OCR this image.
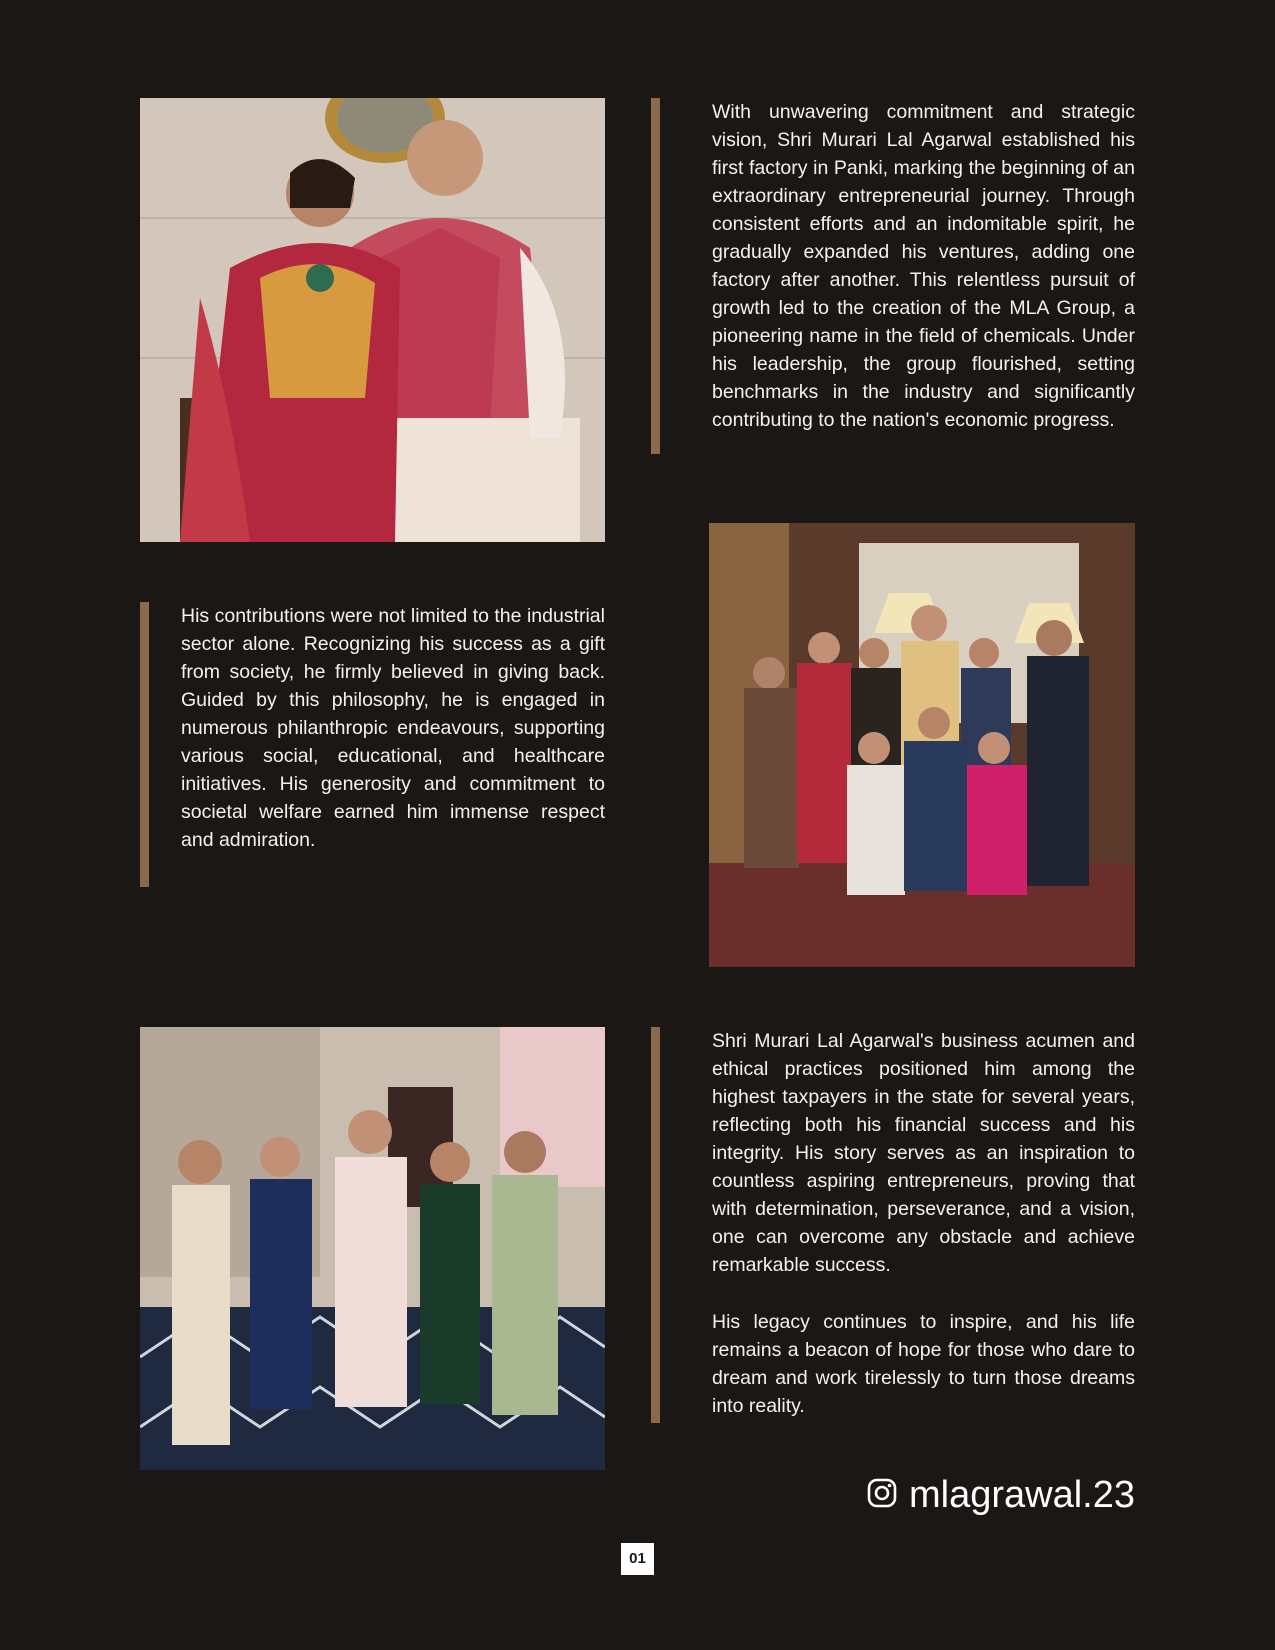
With unwavering commitment and strategic vision, Shri Murari Lal Agarwal established his first factory in Panki, marking the beginning of an extraordinary entrepreneurial journey. Through consistent efforts and an indomitable spirit, he gradually expanded his ventures, adding one factory after another. This relentless pursuit of growth led to the creation of the MLA Group, a pioneering name in the field of chemicals. Under his leadership, the group flourished, setting benchmarks in the industry and significantly contributing to the nation's economic progress.

His contributions were not limited to the industrial sector alone. Recognizing his success as a gift from society, he firmly believed in giving back. Guided by this philosophy, he is engaged in numerous philanthropic endeavours, supporting various social, educational, and healthcare initiatives. His generosity and commitment to societal welfare earned him immense respect and admiration.

Shri Murari Lal Agarwal's business acumen and ethical practices positioned him among the highest taxpayers in the state for several years, reflecting both his financial success and his integrity. His story serves as an inspiration to countless aspiring entrepreneurs, proving that with determination, perseverance, and a vision, one can overcome any obstacle and achieve remarkable success.

His legacy continues to inspire, and his life remains a beacon of hope for those who dare to dream and work tirelessly to turn those dreams into reality.

mlagrawal.23
01
